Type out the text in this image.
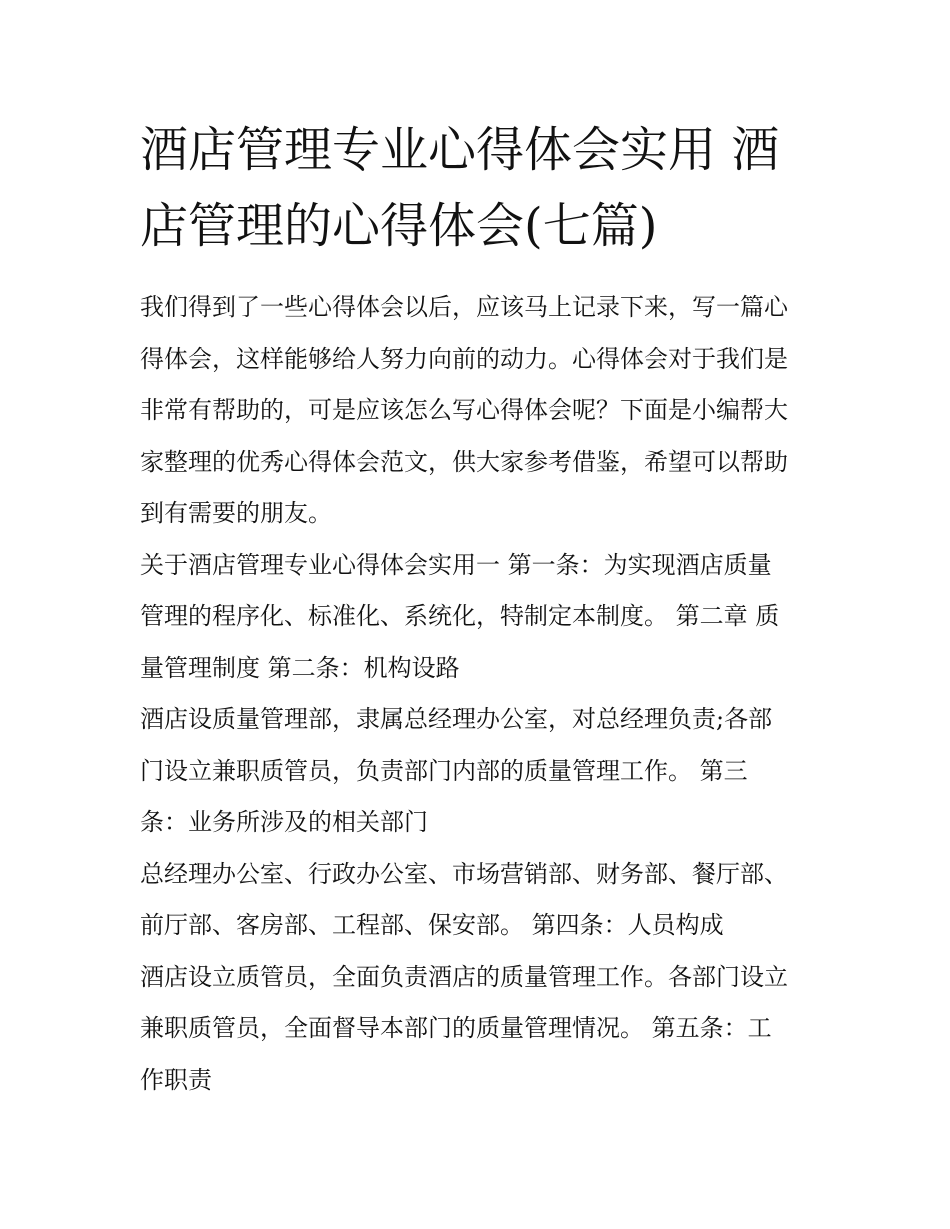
酒店管理专业心得体会实用 酒
店管理的心得体会(七篇)

我们得到了一些心得体会以后，应该马上记录下来，写一篇心
得体会，这样能够给人努力向前的动力。心得体会对于我们是
非常有帮助的，可是应该怎么写心得体会呢？下面是小编帮大
家整理的优秀心得体会范文，供大家参考借鉴，希望可以帮助
到有需要的朋友。

关于酒店管理专业心得体会实用一 第一条：为实现酒店质量
管理的程序化、标准化、系统化，特制定本制度。 第二章 质
量管理制度 第二条：机构设路

酒店设质量管理部，隶属总经理办公室，对总经理负责;各部
门设立兼职质管员，负责部门内部的质量管理工作。 第三
条：业务所涉及的相关部门

总经理办公室、行政办公室、市场营销部、财务部、餐厅部、
前厅部、客房部、工程部、保安部。 第四条：人员构成

酒店设立质管员，全面负责酒店的质量管理工作。各部门设立
兼职质管员，全面督导本部门的质量管理情况。 第五条：工
作职责
